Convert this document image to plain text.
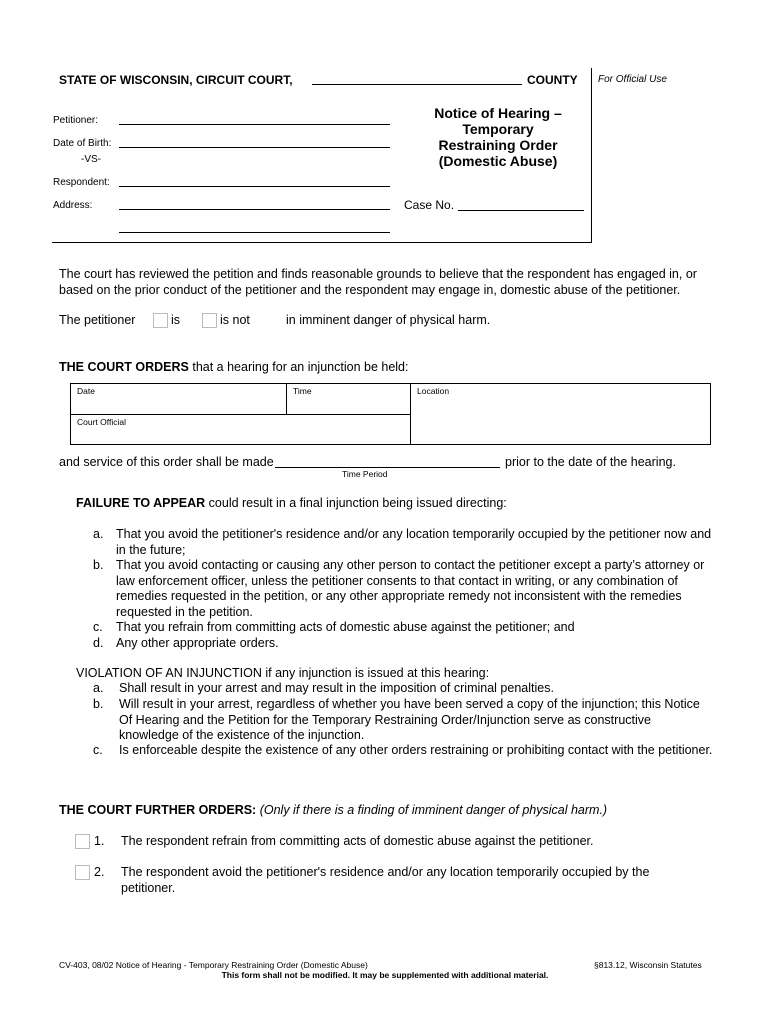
STATE OF WISCONSIN, CIRCUIT COURT,	COUNTY For Official Use
Petitioner:
Date of Birth:
-VS-
Respondent:
Address:
Notice of Hearing –
Temporary
Restraining Order
(Domestic Abuse)
Case No.
The court has reviewed the petition and finds reasonable grounds to believe that the respondent has engaged in, or based on the prior conduct of the petitioner and the respondent may engage in, domestic abuse of the petitioner.
The petitioner	is	is not	in imminent danger of physical harm.
THE COURT ORDERS that a hearing for an injunction be held:
Date	Time	Location
Court Official
and service of this order shall be made	prior to the date of the hearing.
Time Period
FAILURE TO APPEAR could result in a final injunction being issued directing:
a. That you avoid the petitioner's residence and/or any location temporarily occupied by the petitioner now and in the future;
b. That you avoid contacting or causing any other person to contact the petitioner except a party’s attorney or law enforcement officer, unless the petitioner consents to that contact in writing, or any combination of remedies requested in the petition, or any other appropriate remedy not inconsistent with the remedies requested in the petition.
c. That you refrain from committing acts of domestic abuse against the petitioner; and
d. Any other appropriate orders.
VIOLATION OF AN INJUNCTION if any injunction is issued at this hearing:
a. Shall result in your arrest and may result in the imposition of criminal penalties.
b. Will result in your arrest, regardless of whether you have been served a copy of the injunction; this Notice Of Hearing and the Petition for the Temporary Restraining Order/Injunction serve as constructive knowledge of the existence of the injunction.
c. Is enforceable despite the existence of any other orders restraining or prohibiting contact with the petitioner.
THE COURT FURTHER ORDERS: (Only if there is a finding of imminent danger of physical harm.)
1. The respondent refrain from committing acts of domestic abuse against the petitioner.
2. The respondent avoid the petitioner's residence and/or any location temporarily occupied by the petitioner.
CV-403, 08/02 Notice of Hearing - Temporary Restraining Order (Domestic Abuse)	§813.12, Wisconsin Statutes
This form shall not be modified. It may be supplemented with additional material.
